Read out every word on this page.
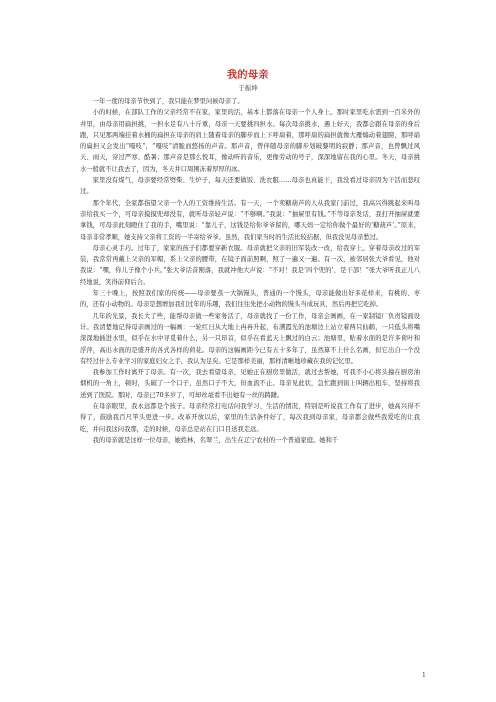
我的母亲
于振坤

一年一度的母亲节快到了，我只能在梦里问候母亲了。

小的时候，在部队工作的父亲经常不在家，家里的活，基本上都落在母亲一个人身上。那时家里吃水需到一百米外的井里，由母亲用扁担挑，一担水足有八十斤重，母亲一天要挑四担水。每次母亲挑水，遇上好天，我都会跟在母亲的身后跑，只见那两端挂着水桶的扁担在母亲的肩上随着母亲的脚步而上下呼扇着，那呼扇的扁担就像大雁煽动着翅膀，那呼扇的扁担又会发出“嘎吱”，“嘎吱”清脆而悠扬的声音。那声音，曾伴随母亲的脚步划破黎明的寂静；那声音，也曾飘过风天、雨天，穿过严寒、酷暑；那声音是那么悦耳，像动听的音乐，更像劳动的号子，深深地留在我的心里。冬天，母亲挑水一般就不让我去了，因为，冬天井口周围冻着厚厚的冰。

家里没有煤气，母亲要经常劈柴、生炉子，每天还要做饭、洗衣服……母亲也真能干，我没看过母亲因为干活而悲叹过。

那个年代，全家都指望父亲一个人的工资维持生活。有一天，一个卖糖葫芦的人从我家门前过，我高兴得跳起来叫母亲给我买一个，可母亲摸摸兜却没有，就听母亲轻声说：“不够啊。”我说：“抽屉里有钱。”不等母亲发话，我打开抽屉就要拿钱，可母亲此刻瞪住了我的手，嘴里说：“靠儿子，这钱是给你爷爷留的，哪天妈一定给你做个最好的‘糖葫芦’。”原来，母亲非常孝顺，她支持父亲将工资的一半寄给爷爷。虽然，我们家当时的生活比较拮据，但我没见母亲愁过。

母亲心灵手巧。过年了，家家的孩子们都要穿新衣服。母亲就把父亲的旧军装改一改，给我穿上。穿着母亲改过的军装，我常常再戴上父亲的军帽，系上父亲的腰带，在镜子面前照啊，照了一遍又一遍。有一次，被邻居张大爷看见，他对我说：“嘿，你儿子像个小兵。”张大爷话音刚落，我就冲他大声说：“不对！我是‘四个兜的’，是干部！”张大爷听我正儿八经地说，笑得前仰后合。

年三十晚上，按照我们家的传统——母亲要蒸一大锅馒头，普通的一个馒头，母亲能做出好多花样来，有桃的、枣的，还有小动物的。母亲是想增加我们过年的乐趣，我们往往先把小动物的馒头当成玩具，然后再把它吃掉。

几年的光景，我长大了些，能帮母亲做一些家务活了，母亲就找了一份工作，母亲会画画，在一家制镜厂负责镜面设计。我清楚地记得母亲画过的一幅画：一轮红日从大地上冉冉升起，布满霞光的池塘边上站立着两只仙鹤，一只低头将嘴深深地插进水里，似乎在水中寻觅着什么，另一只昂首，似乎在看蓝天上飘过的白云；池塘里，贴着水面的是许多荷叶和浮萍，高出水面的是盛开的各式各样的荷花。母亲的这幅画距今已有五十多年了，虽然算不上什么名画，但它出自一个没有经过什么专业学习的家庭妇女之手，我认为足矣。它是那样美丽，那样清晰地珍藏在我的记忆里。

我参加工作时离开了母亲。有一次，我去看望母亲，见她正在厨房里做活，就过去帮她，可我不小心将头撞在厨房油烟机的一角上，顿时，头破了一个口子，虽然口子不大，但血流不止。母亲见此状，急忙跑到街上叫辆出租车，坚持将我送到了医院。那时，母亲已70多岁了，可却丝毫看不出她有一丝的踌躇。

在母亲眼里，我永远都是个孩子。母亲经常打电话问我学习、生活的情况，特别是听说我工作有了进步，她高兴得不得了，鼓励我百尺竿头更进一步。改革开放以后，家里的生活条件好了，每次我到母亲家，母亲都会做些我爱吃的让我吃，并问我这问我那，走的时候，母亲总是站在门口目送我走远。

我的母亲就是这样一位母亲，她姓林，名翠兰，出生在辽宁农村的一个普通家庭。她和千

1
